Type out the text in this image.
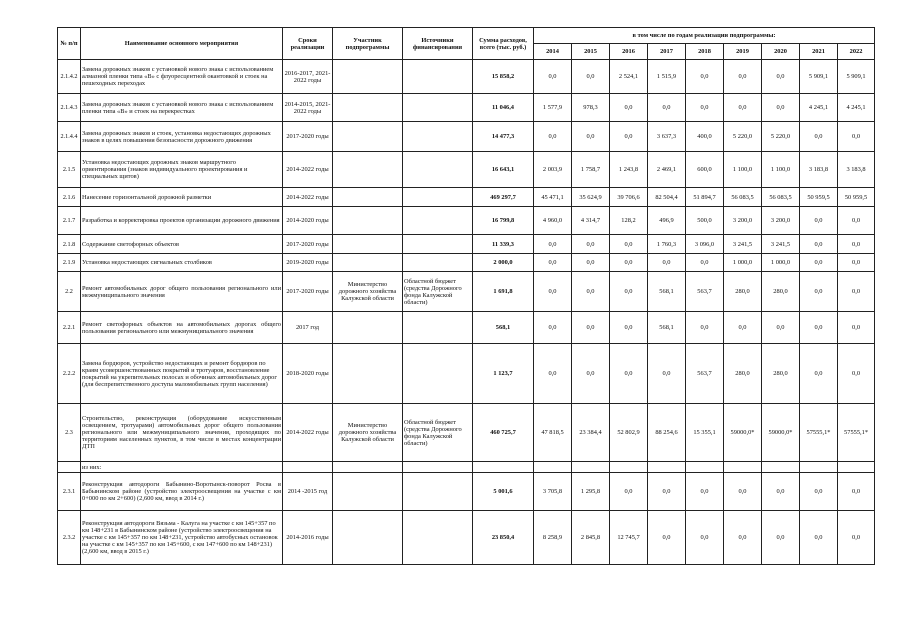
№ п/п	Наименование основного мероприятия	Сроки реализации	Участник подпрограммы	Источники финансирования	Сумма расходов, всего (тыс. руб.)	в том числе по годам реализации подпрограммы:								
						2014	2015	2016	2017	2018	2019	2020	2021	2022
2.1.4.2	Замена дорожных знаков с установкой нового знака с использованием алмазной пленки типа «В» с флуоресцентной окантовкой и стоек на пешеходных переходах	2016-2017, 2021-2022 годы			15 858,2	0,0	0,0	2 524,1	1 515,9	0,0	0,0	0,0	5 909,1	5 909,1
2.1.4.3	Замена дорожных знаков с установкой нового знака с использованием пленки типа «В» и стоек на перекрестках	2014-2015, 2021-2022 годы			11 046,4	1 577,9	978,3	0,0	0,0	0,0	0,0	0,0	4 245,1	4 245,1
2.1.4.4	Замена дорожных знаков и стоек, установка недостающих дорожных знаков в целях повышения безопасности дорожного движения	2017-2020 годы			14 477,3	0,0	0,0	0,0	3 637,3	400,0	5 220,0	5 220,0	0,0	0,0
2.1.5	Установка недостающих дорожных знаков маршрутного ориентирования (знаков индивидуального проектирования и специальных щитов)	2014-2022 годы			16 643,1	2 003,9	1 758,7	1 243,8	2 469,1	600,0	1 100,0	1 100,0	3 183,8	3 183,8
2.1.6	Нанесение горизонтальной дорожной разметки	2014-2022 годы			469 297,7	45 471,1	35 624,9	39 706,6	82 504,4	51 894,7	56 083,5	56 083,5	50 959,5	50 959,5
2.1.7	Разработка и корректировка проектов организации дорожного движения	2014-2020 годы			16 799,8	4 960,0	4 314,7	128,2	496,9	500,0	3 200,0	3 200,0	0,0	0,0
2.1.8	Содержание светофорных объектов	2017-2020 годы			11 339,3	0,0	0,0	0,0	1 760,3	3 096,0	3 241,5	3 241,5	0,0	0,0
2.1.9	Установка недостающих сигнальных столбиков	2019-2020 годы			2 000,0	0,0	0,0	0,0	0,0	0,0	1 000,0	1 000,0	0,0	0,0
2.2	Ремонт автомобильных дорог общего пользования регионального или межмуниципального значения	2017-2020 годы	Министерство дорожного хозяйства Калужской области	Областной бюджет (средства Дорожного фонда Калужской области)	1 691,8	0,0	0,0	0,0	568,1	563,7	280,0	280,0	0,0	0,0
2.2.1	Ремонт светофорных объектов на автомобильных дорогах общего пользования регионального или межмуниципального значения	2017 год			568,1	0,0	0,0	0,0	568,1	0,0	0,0	0,0	0,0	0,0
2.2.2	Замена бордюров, устройство недостающих и ремонт бордюров по краям усовершенствованных покрытий и тротуаров, восстановление покрытий на укрепительных полосах и обочинах автомобильных дорог (для беспрепятственного доступа маломобильных групп населения)	2018-2020 годы			1 123,7	0,0	0,0	0,0	0,0	563,7	280,0	280,0	0,0	0,0
2.3	Строительство, реконструкция (оборудование искусственным освещением, тротуарами) автомобильных дорог общего пользования регионального или межмуниципального значения, проходящих по территориям населенных пунктов, в том числе в местах концентрации ДТП	2014-2022 годы	Министерство дорожного хозяйства Калужской области	Областной бюджет (средства Дорожного фонда Калужской области)	460 725,7	47 818,5	23 384,4	52 802,9	88 254,6	15 355,1	59000,0*	59000,0*	57555,1*	57555,1*
	из них:													
2.3.1	Реконструкция автодороги Бабынино-Воротынск-поворот Росва в Бабынинском районе (устройство электроосвещения на участке с км 0+000 по км 2+600) (2,600 км, ввод в 2014 г.)	2014 -2015 год			5 001,6	3 705,8	1 295,8	0,0	0,0	0,0	0,0	0,0	0,0	0,0
2.3.2	Реконструкция автодороги Вязьма - Калуга на участке с км 145+357 по км 148+231 в Бабынинском районе (устройство электроосвещения на участке с км 145+357 по км 148+231, устройство автобусных остановок на участке с км 145+357 по км 145+600, с км 147+600 по км 148+231) (2,600 км, ввод в 2015 г.)	2014-2016 годы			23 850,4	8 258,9	2 845,8	12 745,7	0,0	0,0	0,0	0,0	0,0	0,0
